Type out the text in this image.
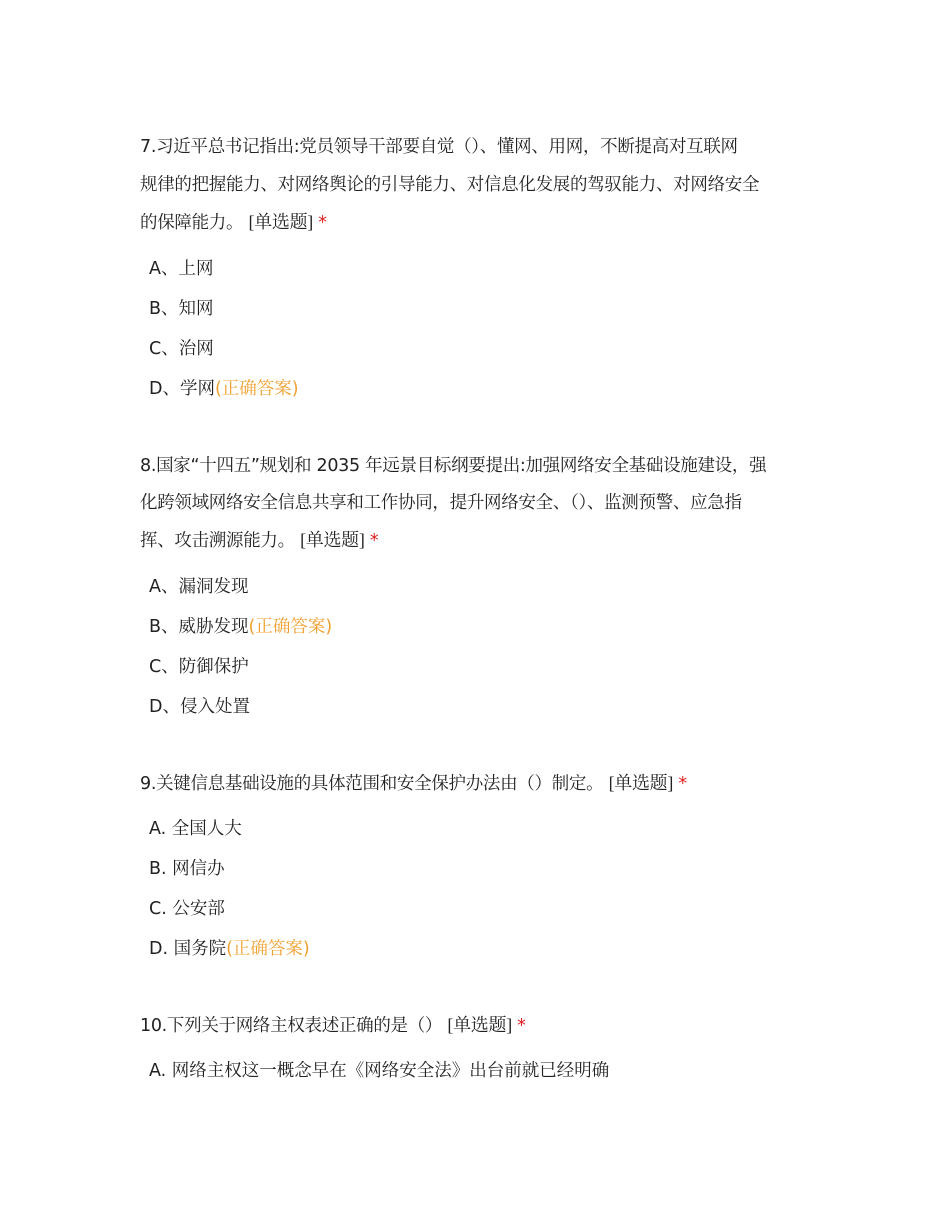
7.习近平总书记指出:党员领导干部要自觉（）、懂网、用网，不断提高对互联网
规律的把握能力、对网络舆论的引导能力、对信息化发展的驾驭能力、对网络安全
的保障能力。 [单选题] *
A、上网
B、知网
C、治网
D、学网(正确答案)
8.国家“十四五”规划和 2035 年远景目标纲要提出:加强网络安全基础设施建设，强
化跨领域网络安全信息共享和工作协同，提升网络安全、（）、监测预警、应急指
挥、攻击溯源能力。 [单选题] *
A、漏洞发现
B、威胁发现(正确答案)
C、防御保护
D、侵入处置
9.关键信息基础设施的具体范围和安全保护办法由（）制定。 [单选题] *
A. 全国人大
B. 网信办
C. 公安部
D. 国务院(正确答案)
10.下列关于网络主权表述正确的是（） [单选题] *
A. 网络主权这一概念早在《网络安全法》出台前就已经明确
